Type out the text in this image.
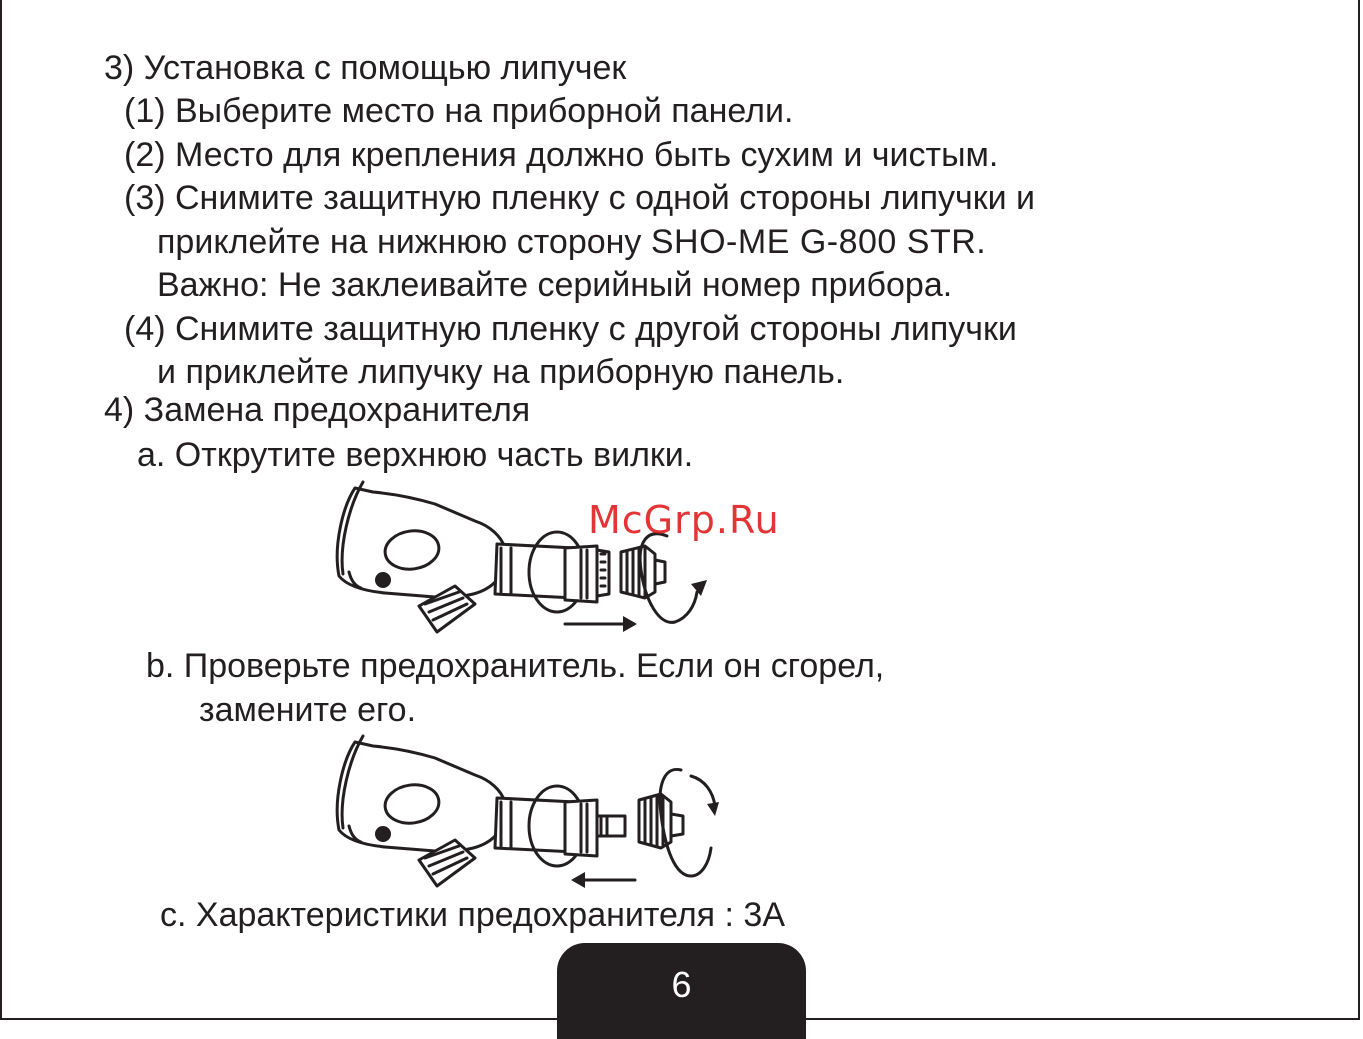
3) Установка с помощью липучек
(1) Выберите место на приборной панели.
(2) Место для крепления должно быть сухим и чистым.
(3) Снимите защитную пленку с одной стороны липучки и
приклейте на нижнюю сторону SHO-ME G-800 STR.
Важно: Не заклеивайте серийный номер прибора.
(4) Снимите защитную пленку с другой стороны липучки
и приклейте липучку на приборную панель.
4) Замена предохранителя
a. Открутите верхнюю часть вилки.
McGrp.Ru
b. Проверьте предохранитель. Если он сгорел,
замените его.
c. Характеристики предохранителя : 3A
6
